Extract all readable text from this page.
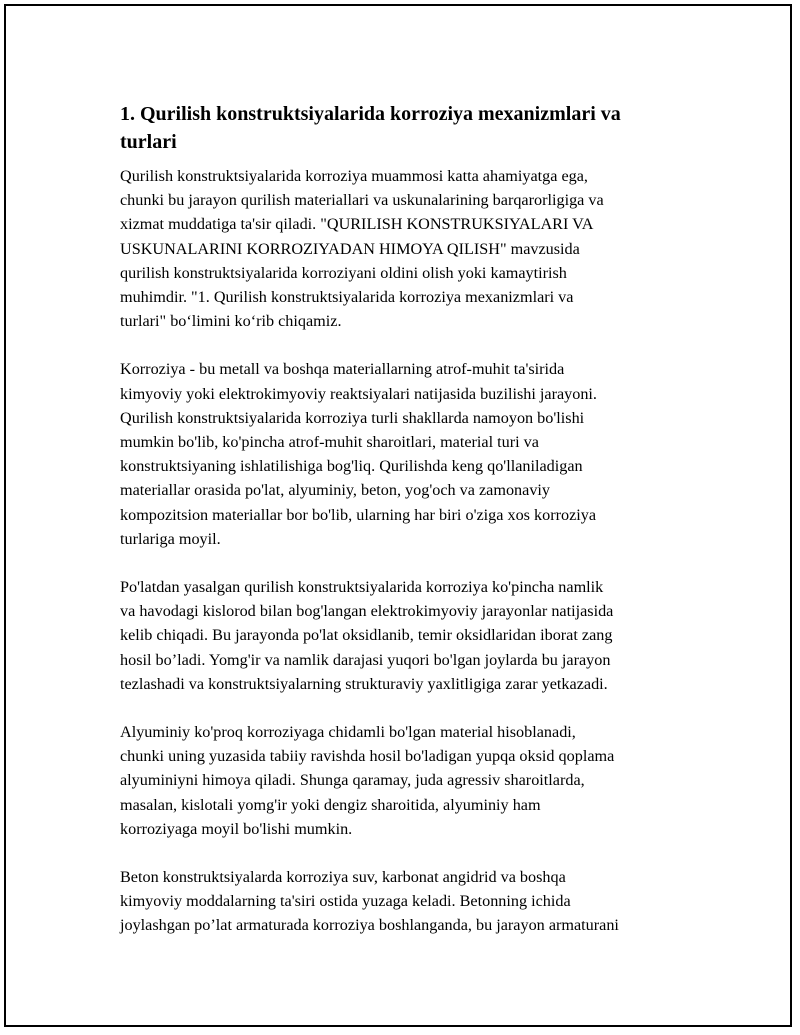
1. Qurilish konstruktsiyalarida korroziya mexanizmlari va
turlari

Qurilish konstruktsiyalarida korroziya muammosi katta ahamiyatga ega,
chunki bu jarayon qurilish materiallari va uskunalarining barqarorligiga va
xizmat muddatiga ta'sir qiladi. "QURILISH KONSTRUKSIYALARI VA
USKUNALARINI KORROZIYADAN HIMOYA QILISH" mavzusida
qurilish konstruktsiyalarida korroziyani oldini olish yoki kamaytirish
muhimdir. "1. Qurilish konstruktsiyalarida korroziya mexanizmlari va
turlari" bo‘limini ko‘rib chiqamiz.

Korroziya - bu metall va boshqa materiallarning atrof-muhit ta'sirida
kimyoviy yoki elektrokimyoviy reaktsiyalari natijasida buzilishi jarayoni.
Qurilish konstruktsiyalarida korroziya turli shakllarda namoyon bo'lishi
mumkin bo'lib, ko'pincha atrof-muhit sharoitlari, material turi va
konstruktsiyaning ishlatilishiga bog'liq. Qurilishda keng qo'llaniladigan
materiallar orasida po'lat, alyuminiy, beton, yog'och va zamonaviy
kompozitsion materiallar bor bo'lib, ularning har biri o'ziga xos korroziya
turlariga moyil.

Po'latdan yasalgan qurilish konstruktsiyalarida korroziya ko'pincha namlik
va havodagi kislorod bilan bog'langan elektrokimyoviy jarayonlar natijasida
kelib chiqadi. Bu jarayonda po'lat oksidlanib, temir oksidlaridan iborat zang
hosil bo’ladi. Yomg'ir va namlik darajasi yuqori bo'lgan joylarda bu jarayon
tezlashadi va konstruktsiyalarning strukturaviy yaxlitligiga zarar yetkazadi.

Alyuminiy ko'proq korroziyaga chidamli bo'lgan material hisoblanadi,
chunki uning yuzasida tabiiy ravishda hosil bo'ladigan yupqa oksid qoplama
alyuminiyni himoya qiladi. Shunga qaramay, juda agressiv sharoitlarda,
masalan, kislotali yomg'ir yoki dengiz sharoitida, alyuminiy ham
korroziyaga moyil bo'lishi mumkin.

Beton konstruktsiyalarda korroziya suv, karbonat angidrid va boshqa
kimyoviy moddalarning ta'siri ostida yuzaga keladi. Betonning ichida
joylashgan po’lat armaturada korroziya boshlanganda, bu jarayon armaturani
